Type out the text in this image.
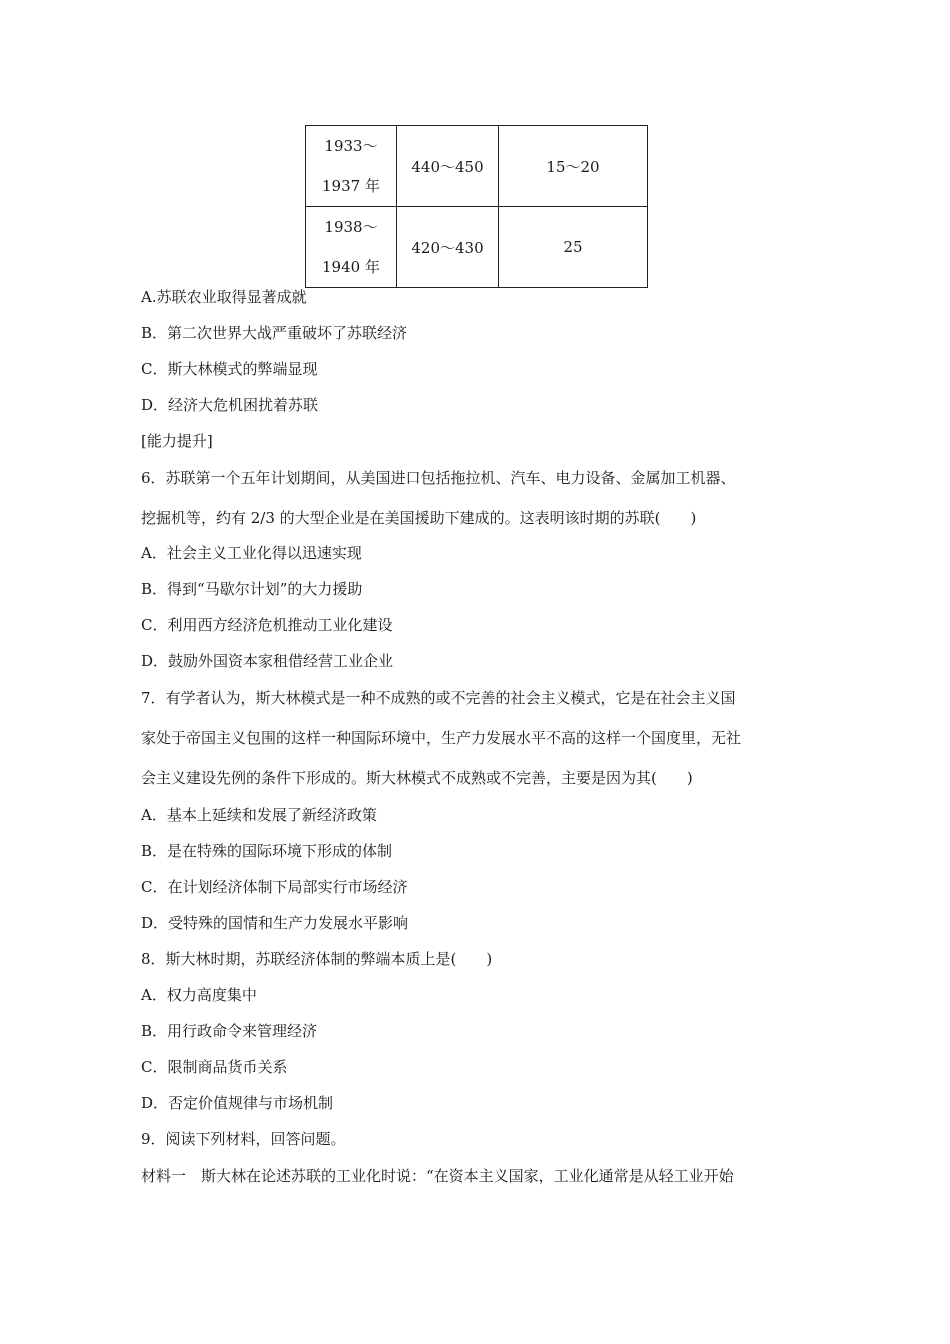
1933～
1937 年	440～450	15～20

1938～
1940 年	420～430	25
A.苏联农业取得显著成就
B．第二次世界大战严重破坏了苏联经济
C．斯大林模式的弊端显现
D．经济大危机困扰着苏联
[能力提升]
6．苏联第一个五年计划期间，从美国进口包括拖拉机、汽车、电力设备、金属加工机器、
挖掘机等，约有 2/3 的大型企业是在美国援助下建成的。这表明该时期的苏联(　　)
A．社会主义工业化得以迅速实现
B．得到“马歇尔计划”的大力援助
C．利用西方经济危机推动工业化建设
D．鼓励外国资本家租借经营工业企业
7．有学者认为，斯大林模式是一种不成熟的或不完善的社会主义模式，它是在社会主义国
家处于帝国主义包围的这样一种国际环境中，生产力发展水平不高的这样一个国度里，无社
会主义建设先例的条件下形成的。斯大林模式不成熟或不完善，主要是因为其(　　)
A．基本上延续和发展了新经济政策
B．是在特殊的国际环境下形成的体制
C．在计划经济体制下局部实行市场经济
D．受特殊的国情和生产力发展水平影响
8．斯大林时期，苏联经济体制的弊端本质上是(　　)
A．权力高度集中
B．用行政命令来管理经济
C．限制商品货币关系
D．否定价值规律与市场机制
9．阅读下列材料，回答问题。
材料一　斯大林在论述苏联的工业化时说：“在资本主义国家，工业化通常是从轻工业开始
